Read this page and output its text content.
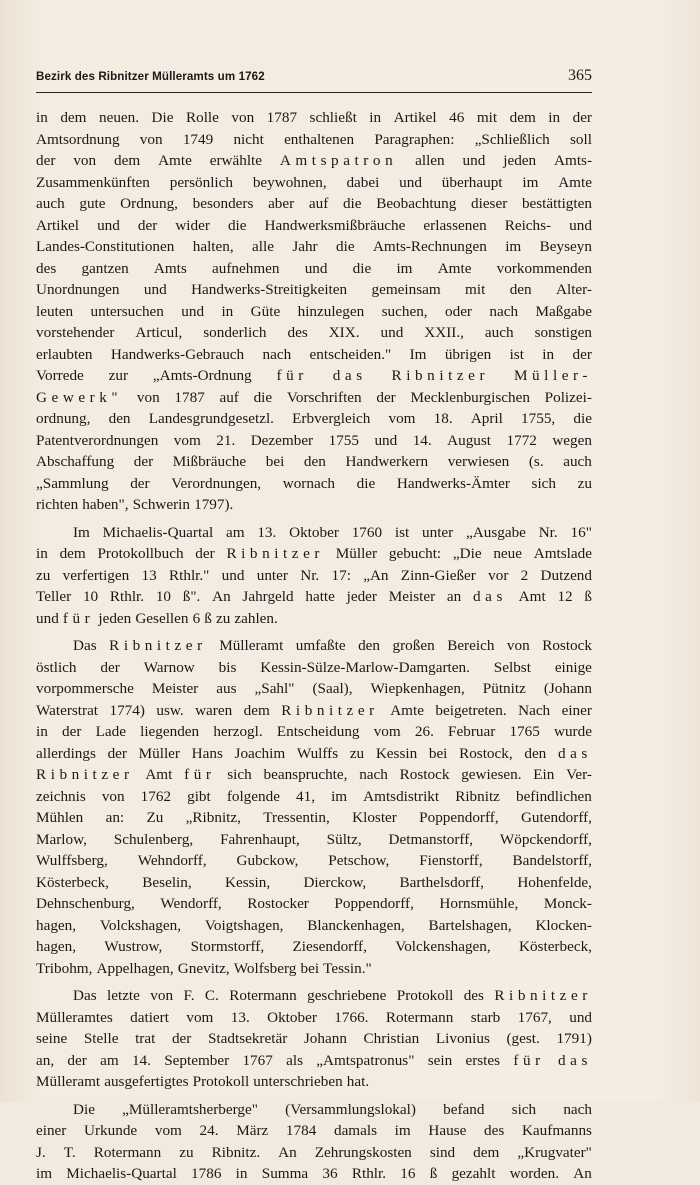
Bezirk des Ribnitzer Mülleramts um 1762	365
in dem neuen. Die Rolle von 1787 schließt in Artikel 46 mit dem in der
Amtsordnung von 1749 nicht enthaltenen Paragraphen: „Schließlich soll
der von dem Amte erwählte Amtspatron allen und jeden Amts-
Zusammenkünften persönlich beywohnen, dabei und überhaupt im Amte
auch gute Ordnung, besonders aber auf die Beobachtung dieser bestättigten
Artikel und der wider die Handwerksmißbräuche erlassenen Reichs- und
Landes-Constitutionen halten, alle Jahr die Amts-Rechnungen im Beyseyn
des gantzen Amts aufnehmen und die im Amte vorkommenden
Unordnungen und Handwerks-Streitigkeiten gemeinsam mit den Alter-
leuten untersuchen und in Güte hinzulegen suchen, oder nach Maßgabe
vorstehender Articul, sonderlich des XIX. und XXII., auch sonstigen
erlaubten Handwerks-Gebrauch nach entscheiden." Im übrigen ist in der
Vorrede zur „Amts-Ordnung für das Ribnitzer Müller-
Gewerk" von 1787 auf die Vorschriften der Mecklenburgischen Polizei-
ordnung, den Landesgrundgesetzl. Erbvergleich vom 18. April 1755, die
Patentverordnungen vom 21. Dezember 1755 und 14. August 1772 wegen
Abschaffung der Mißbräuche bei den Handwerkern verwiesen (s. auch
„Sammlung der Verordnungen, wornach die Handwerks-Ämter sich zu
richten haben", Schwerin 1797).
Im Michaelis-Quartal am 13. Oktober 1760 ist unter „Ausgabe Nr. 16"
in dem Protokollbuch der Ribnitzer Müller gebucht: „Die neue Amtslade
zu verfertigen 13 Rthlr." und unter Nr. 17: „An Zinn-Gießer vor 2 Dutzend
Teller 10 Rthlr. 10 ß". An Jahrgeld hatte jeder Meister an das Amt 12 ß
und für jeden Gesellen 6 ß zu zahlen.
Das Ribnitzer Mülleramt umfaßte den großen Bereich von Rostock
östlich der Warnow bis Kessin-Sülze-Marlow-Damgarten. Selbst einige
vorpommersche Meister aus „Sahl" (Saal), Wiepkenhagen, Pütnitz (Johann
Waterstrat 1774) usw. waren dem Ribnitzer Amte beigetreten. Nach einer
in der Lade liegenden herzogl. Entscheidung vom 26. Februar 1765 wurde
allerdings der Müller Hans Joachim Wulffs zu Kessin bei Rostock, den das
Ribnitzer Amt für sich beanspruchte, nach Rostock gewiesen. Ein Ver-
zeichnis von 1762 gibt folgende 41, im Amtsdistrikt Ribnitz befindlichen
Mühlen an: Zu „Ribnitz, Tressentin, Kloster Poppendorff, Gutendorff,
Marlow, Schulenberg, Fahrenhaupt, Sültz, Detmanstorff, Wöpckendorff,
Wulffsberg, Wehndorff, Gubckow, Petschow, Fienstorff, Bandelstorff,
Kösterbeck, Beselin, Kessin, Dierckow, Barthelsdorff, Hohenfelde,
Dehnschenburg, Wendorff, Rostocker Poppendorff, Hornsmühle, Monck-
hagen, Volckshagen, Voigtshagen, Blanckenhagen, Bartelshagen, Klocken-
hagen, Wustrow, Stormstorff, Ziesendorff, Volckenshagen, Kösterbeck,
Tribohm, Appelhagen, Gnevitz, Wolfsberg bei Tessin."
Das letzte von F. C. Rotermann geschriebene Protokoll des Ribnitzer
Mülleramtes datiert vom 13. Oktober 1766. Rotermann starb 1767, und
seine Stelle trat der Stadtsekretär Johann Christian Livonius (gest. 1791)
an, der am 14. September 1767 als „Amtspatronus" sein erstes für das
Mülleramt ausgefertigtes Protokoll unterschrieben hat.
Die „Mülleramtsherberge" (Versammlungslokal) befand sich nach
einer Urkunde vom 24. März 1784 damals im Hause des Kaufmanns
J. T. Rotermann zu Ribnitz. An Zehrungskosten sind dem „Krugvater"
im Michaelis-Quartal 1786 in Summa 36 Rthlr. 16 ß gezahlt worden. An
